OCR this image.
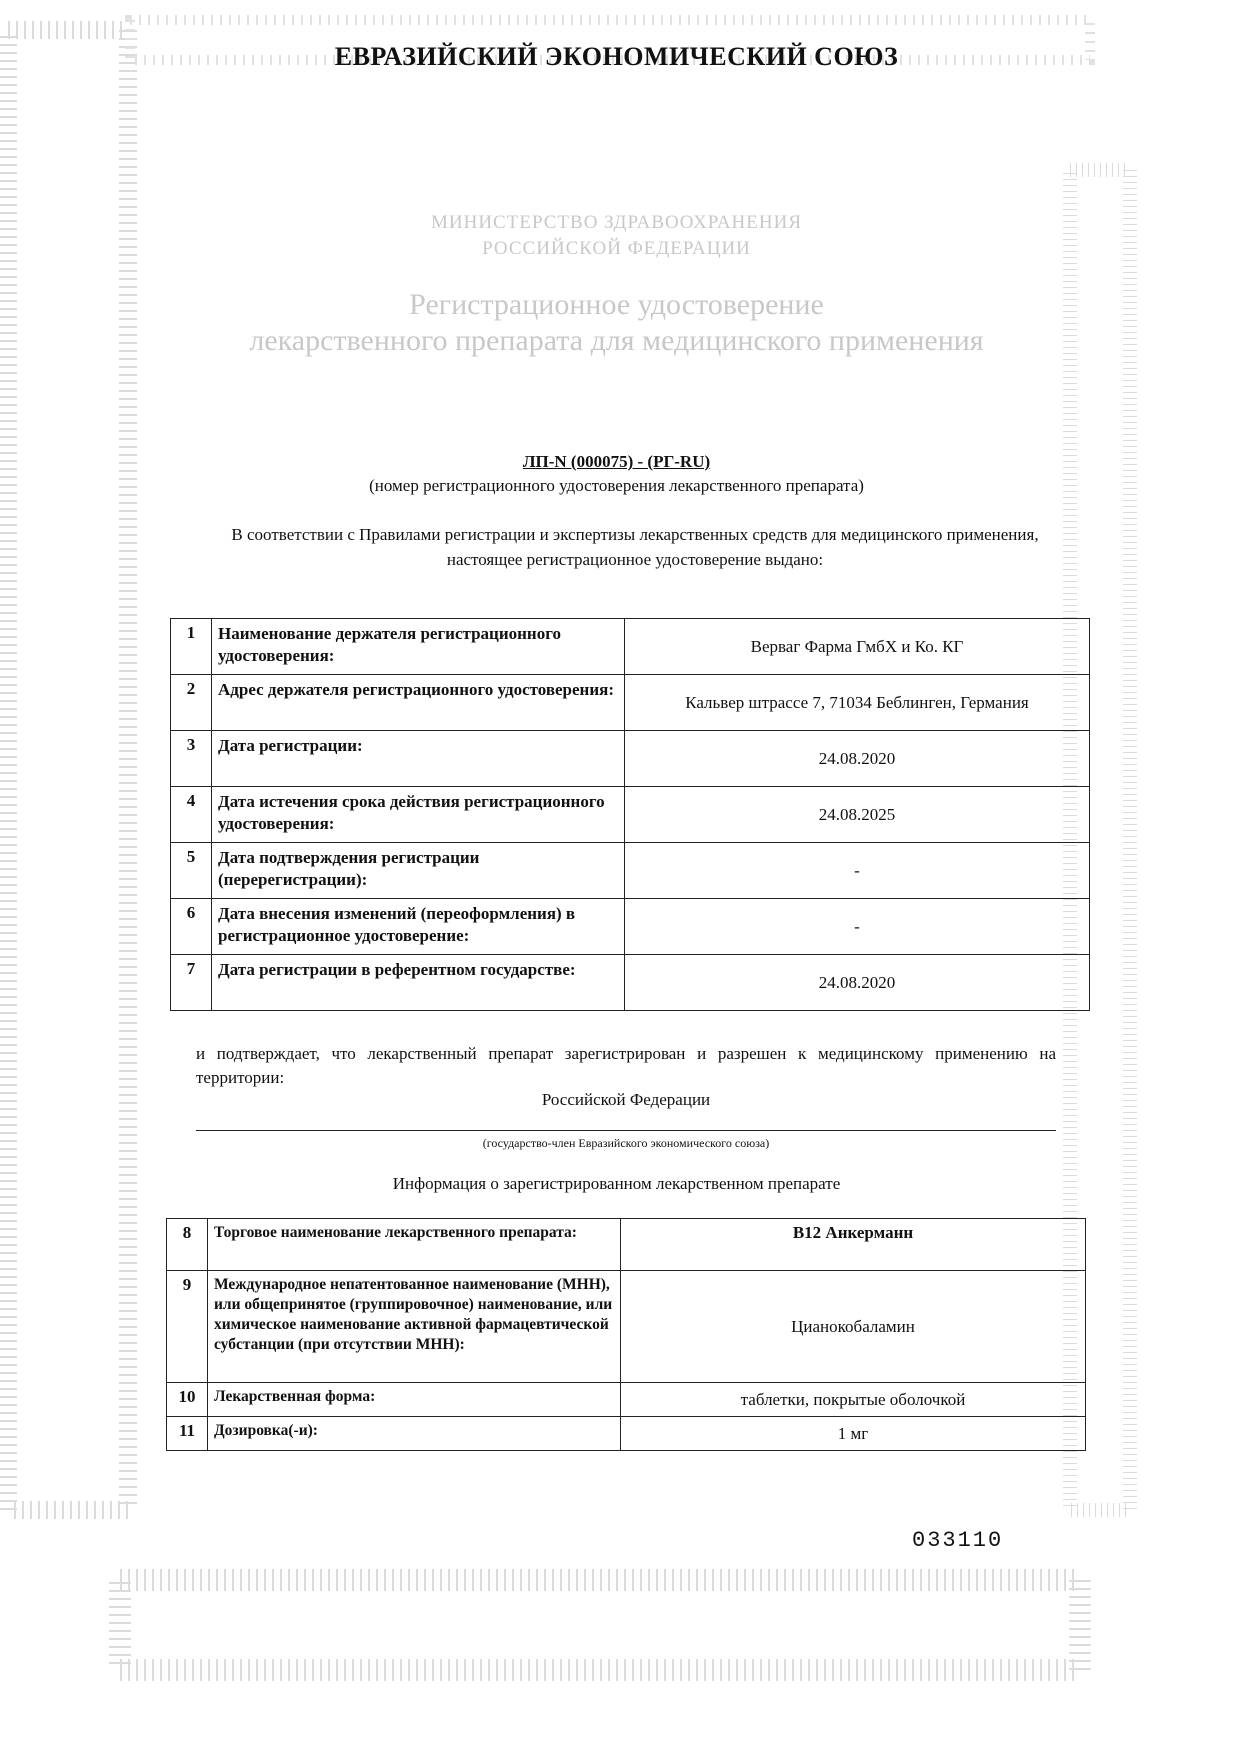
ЕВРАЗИЙСКИЙ ЭКОНОМИЧЕСКИЙ СОЮЗ
МИНИСТЕРСТВО ЗДРАВООХРАНЕНИЯ
РОССИЙСКОЙ ФЕДЕРАЦИИ
Регистрационное удостоверение
лекарственного препарата для медицинского применения
ЛП-N (000075) - (РГ-RU)
(номер регистрационного удостоверения лекарственного препарата)
В соответствии с Правилами регистрации и экспертизы лекарственных средств для медицинского применения, настоящее регистрационное удостоверение выдано:
1	Наименование держателя регистрационного удостоверения:	Верваг Фарма ГмбХ и Ко. КГ
2	Адрес держателя регистрационного удостоверения:	Кальвер штрассе 7, 71034 Беблинген, Германия
3	Дата регистрации:	24.08.2020
4	Дата истечения срока действия регистрационного удостоверения:	24.08.2025
5	Дата подтверждения регистрации (перерегистрации):	-
6	Дата внесения изменений (переоформления) в регистрационное удостоверение:	-
7	Дата регистрации в референтном государстве:	24.08.2020
и подтверждает, что лекарственный препарат зарегистрирован и разрешен к медицинскому применению на территории:
Российской Федерации
(государство-член Евразийского экономического союза)
Информация о зарегистрированном лекарственном препарате
8	Торговое наименование лекарственного препарата:	B12 Анкерманн
9	Международное непатентованное наименование (МНН), или общепринятое (группировочное) наименование, или химическое наименование активной фармацевтической субстанции (при отсутствии МНН):	Цианокобаламин
10	Лекарственная форма:	таблетки, покрытые оболочкой
11	Дозировка(-и):	1 мг
033110
